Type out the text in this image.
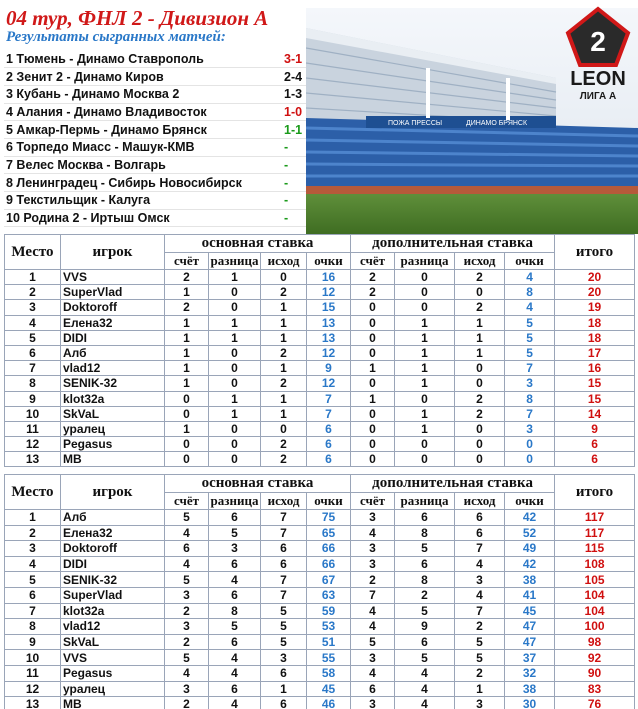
04 тур, ФНЛ 2 - Дивизион А
Результаты сыгранных матчей:
1 Тюмень - Динамо Ставрополь	3-1
2 Зенит 2 - Динамо Киров	2-4
3 Кубань - Динамо Москва 2	1-3
4 Алания - Динамо Владивосток	1-0
5 Амкар-Пермь - Динамо Брянск	1-1
6 Торпедо Миасс - Машук-КМВ	-
7 Велес Москва - Волгарь	-
8 Ленинградец - Сибирь Новосибирск	-
9 Текстильщик - Калуга	-
10 Родина 2 - Иртыш Омск	-
ПОЖА ПРЕССЫ	ДИНАМО БРЯНСК
2
LEON
ЛИГА А
Место	игрок	основная ставка				дополнительная ставка				итого
		счёт	разница	исход	очки	счёт	разница	исход	очки	
1	VVS	2	1	0	16	2	0	2	4	20
2	SuperVlad	1	0	2	12	2	0	0	8	20
3	Doktoroff	2	0	1	15	0	0	2	4	19
4	Елена32	1	1	1	13	0	1	1	5	18
5	DIDI	1	1	1	13	0	1	1	5	18
6	Алб	1	0	2	12	0	1	1	5	17
7	vlad12	1	0	1	9	1	1	0	7	16
8	SENIK-32	1	0	2	12	0	1	0	3	15
9	klot32a	0	1	1	7	1	0	2	8	15
10	SkVaL	0	1	1	7	0	1	2	7	14
11	уралец	1	0	0	6	0	1	0	3	9
12	Pegasus	0	0	2	6	0	0	0	0	6
13	MB	0	0	2	6	0	0	0	0	6
Место	игрок	основная ставка				дополнительная ставка				итого
		счёт	разница	исход	очки	счёт	разница	исход	очки	
1	Алб	5	6	7	75	3	6	6	42	117
2	Елена32	4	5	7	65	4	8	6	52	117
3	Doktoroff	6	3	6	66	3	5	7	49	115
4	DIDI	4	6	6	66	3	6	4	42	108
5	SENIK-32	5	4	7	67	2	8	3	38	105
6	SuperVlad	3	6	7	63	7	2	4	41	104
7	klot32a	2	8	5	59	4	5	7	45	104
8	vlad12	3	5	5	53	4	9	2	47	100
9	SkVaL	2	6	5	51	5	6	5	47	98
10	VVS	5	4	3	55	3	5	5	37	92
11	Pegasus	4	4	6	58	4	4	2	32	90
12	уралец	3	6	1	45	6	4	1	38	83
13	MB	2	4	6	46	3	4	3	30	76
